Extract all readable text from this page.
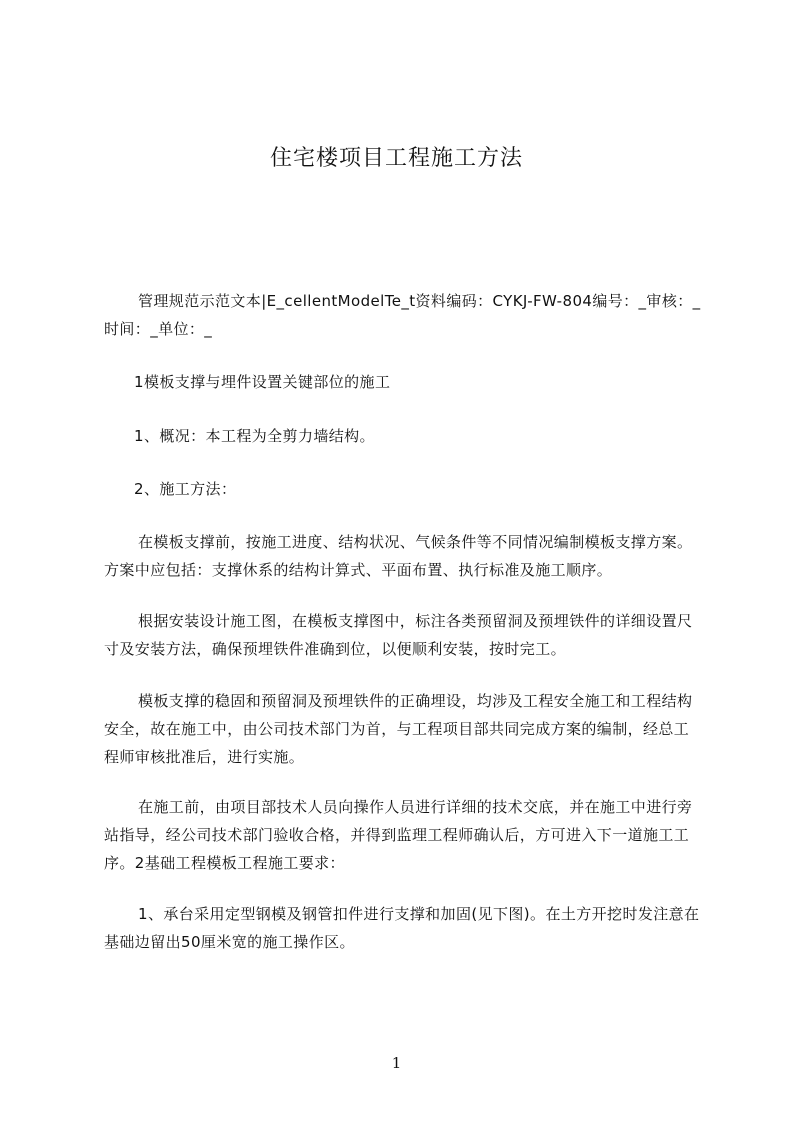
住宅楼项目工程施工方法

管理规范示范文本|E_cellentModelTe_t资料编码：CYKJ-FW-804编号：_审核：_时间：_单位：_

1模板支撑与埋件设置关键部位的施工

1、概况：本工程为全剪力墙结构。

2、施工方法：

在模板支撑前，按施工进度、结构状况、气候条件等不同情况编制模板支撑方案。方案中应包括：支撑休系的结构计算式、平面布置、执行标准及施工顺序。

根据安装设计施工图，在模板支撑图中，标注各类预留洞及预埋铁件的详细设置尺寸及安装方法，确保预埋铁件准确到位，以便顺利安装，按时完工。

模板支撑的稳固和预留洞及预埋铁件的正确埋设，均涉及工程安全施工和工程结构安全，故在施工中，由公司技术部门为首，与工程项目部共同完成方案的编制，经总工程师审核批准后，进行实施。

在施工前，由项目部技术人员向操作人员进行详细的技术交底，并在施工中进行旁站指导，经公司技术部门验收合格，并得到监理工程师确认后，方可进入下一道施工工序。2基础工程模板工程施工要求：

1、承台采用定型钢模及钢管扣件进行支撑和加固(见下图)。在土方开挖时发注意在基础边留出50厘米宽的施工操作区。

1
